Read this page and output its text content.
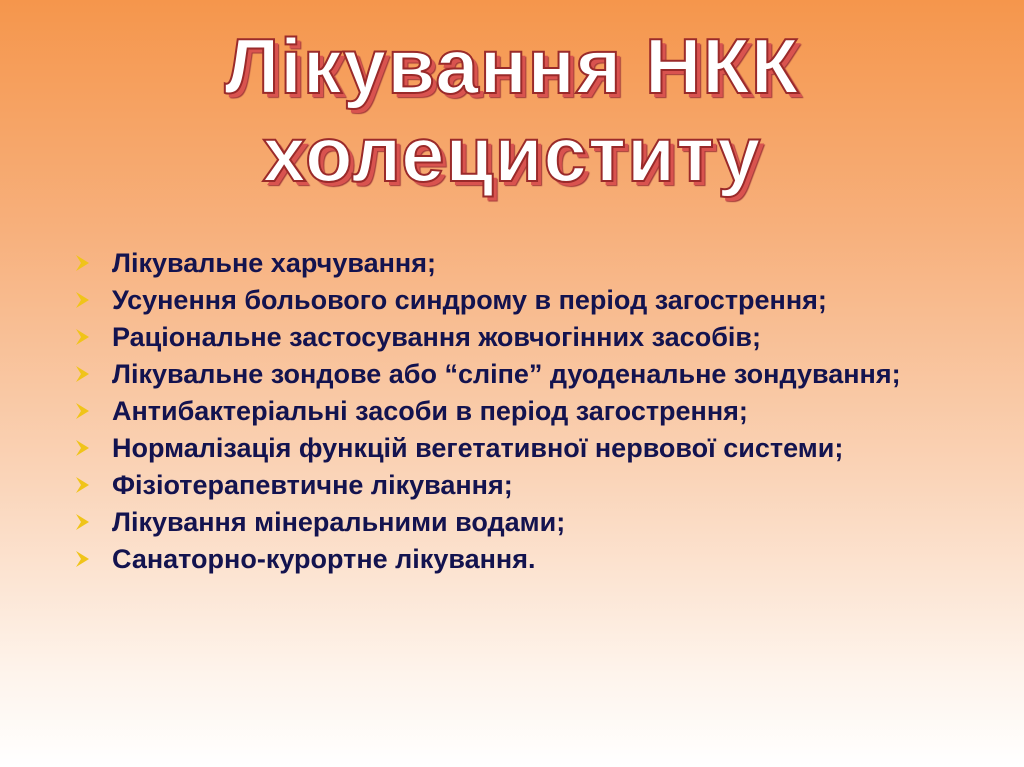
Лікування НКК
холециститу
Лікувальне харчування;
Усунення больового синдрому в період загострення;
Раціональне застосування жовчогінних засобів;
Лікувальне зондове або “сліпе” дуоденальне зондування;
Антибактеріальні засоби в період загострення;
Нормалізація функцій вегетативної нервової системи;
Фізіотерапевтичне лікування;
Лікування мінеральними водами;
Санаторно-курортне лікування.
